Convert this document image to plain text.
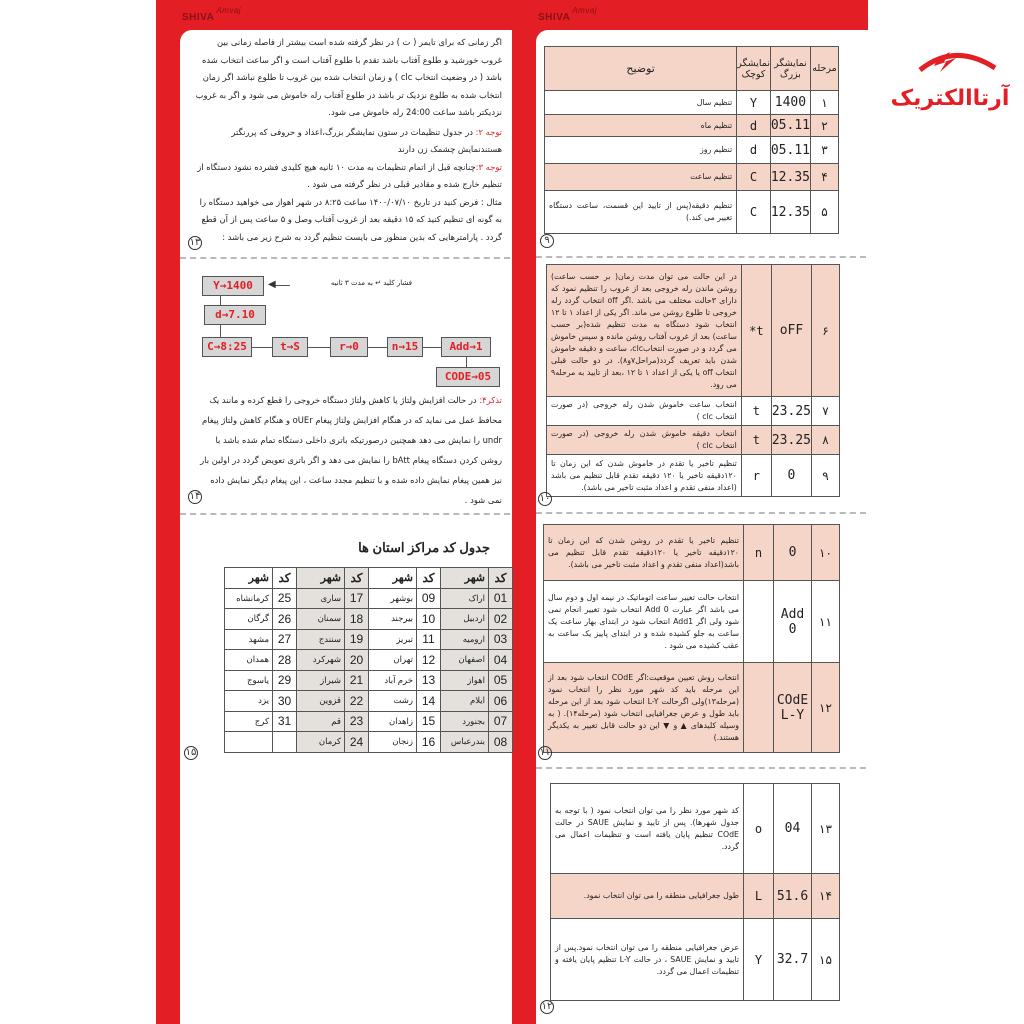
$SHIVA^{Amvaj}$
$SHIVA^{Amvaj}$
آرتاالکتریک

اگر زمانی که برای تایمر ( ﺕ ) در نظر گرفته شده است بیشتر از فاصله زمانی بین غروب خورشید و طلوع آفتاب باشد تقدم با طلوع آفتاب است و اگر ساعت انتخاب شده باشد ( در وضعیت انتخاب clc ) و زمان انتخاب شده بین غروب تا طلوع نباشد اگر زمان انتخاب شده به طلوع نزدیک تر باشد در طلوع آفتاب رله خاموش می شود و اگر به غروب نزدیکتر باشد ساعت 24:00 رله خاموش می شود.

توجه ۲: در جدول تنظیمات در ستون نمایشگر بزرگ،اعداد و حروفی که پررنگتر هستندنمایش چشمک زن دارند

توجه ۳:چنانچه قبل از اتمام تنظیمات به مدت ۱۰ ثانیه هیچ کلیدی فشرده نشود دستگاه از تنظیم خارج شده و مقادیر قبلی در نظر گرفته می شود .

مثال : فرض کنید در تاریخ ۱۴۰۰/۰۷/۱۰ ساعت ۸:۲۵ در شهر اهواز می خواهید دستگاه را به گونه ای تنظیم کنید که ۱۵ دقیقه بعد از غروب آفتاب وصل و ۵ ساعت پس از آن قطع گردد . پارامترهایی که بدین منظور می بایست تنظیم گردد به شرح زیر می باشد :

۱۳
Y→1400
d→7.10
C→8:25	t→S	r→0	n→15	Add→1
CODE→05
◀	فشار کلید ↵ به مدت ۳ ثانیه

تذکر۴: در حالت افزایش ولتاژ یا کاهش ولتاژ دستگاه خروجی را قطع کرده و مانند یک محافظ عمل می نماید که در هنگام افزایش ولتاژ پیغام oUEr و هنگام کاهش ولتاژ پیغام undr را نمایش می دهد همچنین درصورتیکه باتری داخلی دستگاه تمام شده باشد با روشن کردن دستگاه پیغام bAtt را نمایش می دهد و اگر باتری تعویض گردد در اولین بار نیز همین پیغام نمایش داده شده و با تنظیم مجدد ساعت ، این پیغام دیگر نمایش داده نمی شود .

۱۴
جدول کد مراکز استان ها
کد	شهر	کد	شهر	کد	شهر	کد	شهر
01	اراک	09	بوشهر	17	ساری	25	کرمانشاه
02	اردبیل	10	بیرجند	18	سمنان	26	گرگان
03	ارومیه	11	تبریز	19	سنندج	27	مشهد
04	اصفهان	12	تهران	20	شهرکرد	28	همدان
05	اهواز	13	خرم آباد	21	شیراز	29	یاسوج
06	ایلام	14	رشت	22	قزوین	30	یزد
07	بجنورد	15	زاهدان	23	قم	31	کرج
08	بندرعباس	16	زنجان	24	کرمان		
۱۵
مرحله	نمایشگر بزرگ	نمایشگر کوچک	توضیح
۱	1400	Y	تنظیم سال
۲	05.11	d	تنظیم ماه
۳	05.11	d	تنظیم روز
۴	12.35	C	تنظیم ساعت
۵	12.35	C	تنظیم دقیقه(پس از تایید این قسمت، ساعت دستگاه تغییر می کند.)
۹
۶	oFF	t*	در این حالت می توان مدت زمان( بر حسب ساعت) روشن ماندن رله خروجی بعد از غروب را تنظیم نمود که دارای ۳حالت مختلف می باشد .اگر off انتخاب گردد رله خروجی تا طلوع روشن می ماند. اگر یکی از اعداد ۱ تا ۱۲ انتخاب شود دستگاه به مدت تنظیم شده(بر حسب ساعت) بعد از غروب آفتاب روشن مانده و سپس خاموش می گردد و در صورت انتخابclc، ساعت و دقیقه خاموش شدن باید تعریف گردد(مراحل۷و۸). در دو حالت قبلی انتخاب off یا یکی از اعداد ۱ تا ۱۲ ،بعد از تایید به مرحله۹ می رود.
۷	23.25	t	انتخاب ساعت خاموش شدن رله خروجی (در صورت انتخاب clc )
۸	23.25	t	انتخاب دقیقه خاموش شدن رله خروجی (در صورت انتخاب clc )
۹	0	r	تنظیم تاخیر یا تقدم در خاموش شدن که این زمان تا ۱۲۰دقیقه تاخیر یا ۱۲۰ دقیقه تقدم قابل تنظیم می باشد (اعداد منفی تقدم و اعداد مثبت تاخیر می باشد).
۱۰
۱۰	0	n	تنظیم تاخیر یا تقدم در روشن شدن که این زمان تا ۱۲۰دقیقه تاخیر یا ۱۲۰دقیقه تقدم قابل تنظیم می باشد(اعداد منفی تقدم و اعداد مثبت تاخیر می باشد).
۱۱	Add 0		انتخاب حالت تغییر ساعت اتوماتیک در نیمه اول و دوم سال می باشد اگر عبارت Add 0 انتخاب شود تغییر انجام نمی شود ولی اگر Add1 انتخاب شود در ابتدای بهار ساعت یک ساعت به جلو کشیده شده و در ابتدای پاییز یک ساعت به عقب کشیده می شود .
۱۲	COdE L-Y		انتخاب روش تعیین موقعیت:اگر COdE انتخاب شود بعد از این مرحله باید کد شهر مورد نظر را انتخاب نمود (مرحله۱۳)ولی اگرحالت L-Y انتخاب شود بعد از این مرحله باید طول و عرض جغرافیایی انتخاب شود (مرحله۱۴). ( به وسیله کلیدهای ▲ و ▼ این دو حالت قابل تغییر به یکدیگر هستند.)
۱۱
۱۳	04	o	کد شهر مورد نظر را می توان انتخاب نمود ( با توجه به جدول شهرها). پس از تایید و نمایش SAUE در حالت COdE تنظیم پایان یافته است و تنظیمات اعمال می گردد.
۱۴	51.6	L	طول جغرافیایی منطقه را می توان انتخاب نمود.
۱۵	32.7	Y	عرض جغرافیایی منطقه را می توان انتخاب نمود.پس از تایید و نمایش SAUE ، در حالت L-Y تنظیم پایان یافته و تنظیمات اعمال می گردد.
۱۲
